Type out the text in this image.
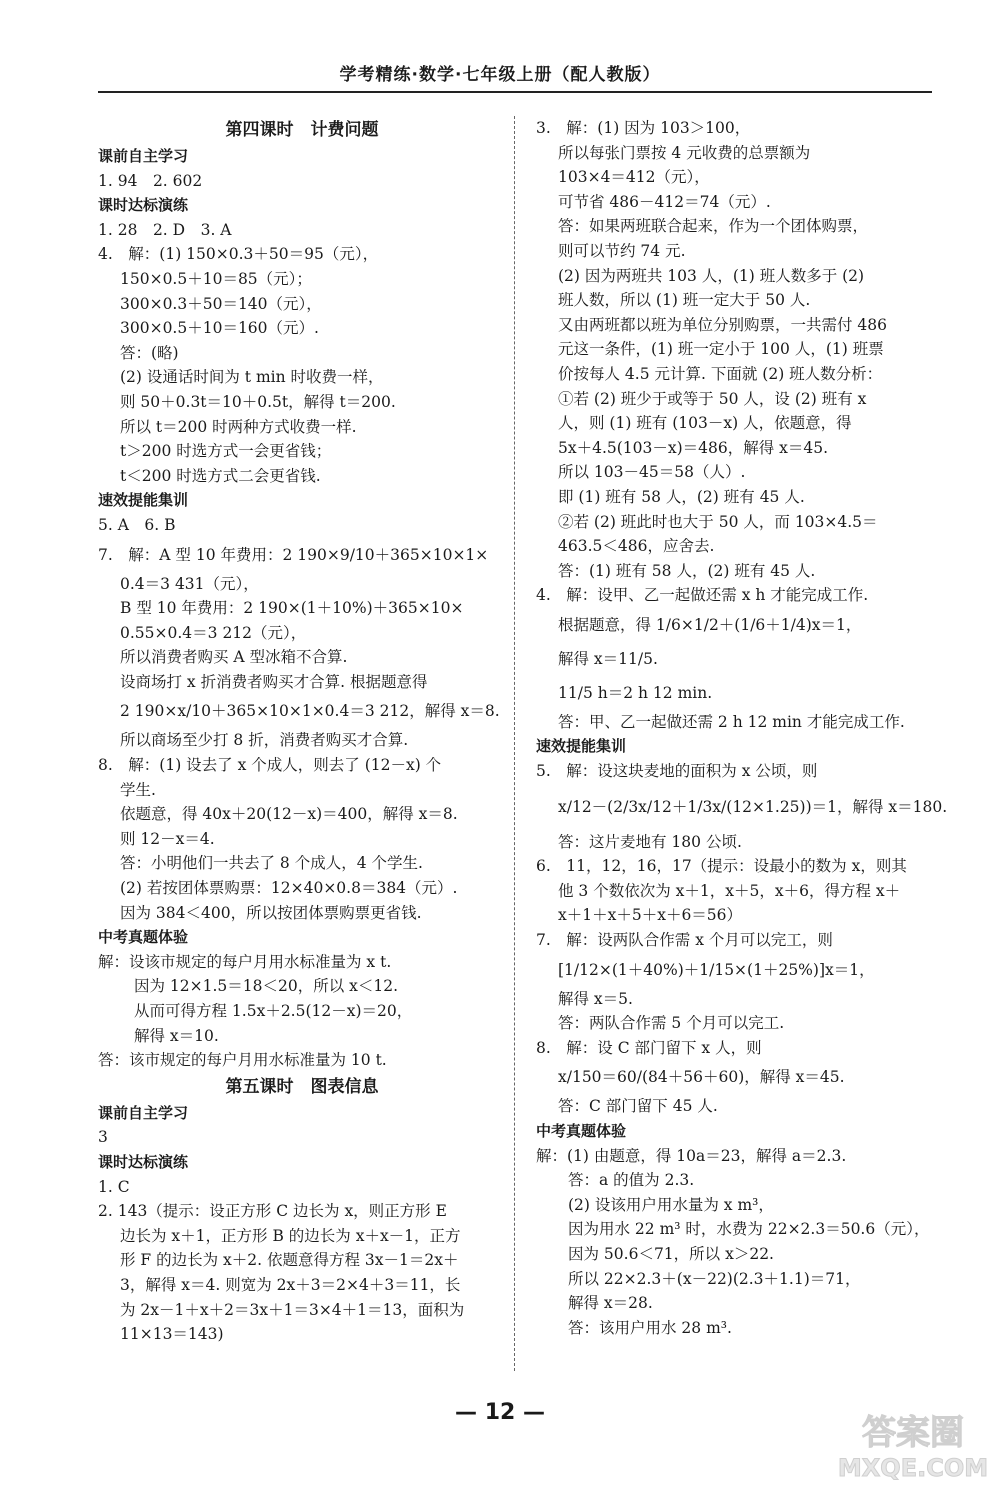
学考精练·数学·七年级上册（配人教版）
第四课时　计费问题
课前自主学习
1. 94　2. 602
课时达标演练
1. 28　2. D　3. A
4.　解：(1) 150×0.3＋50＝95（元），
150×0.5＋10＝85（元）；
300×0.3＋50＝140（元），
300×0.5＋10＝160（元）.
答：(略)
(2) 设通话时间为 t min 时收费一样，
则 50＋0.3t＝10＋0.5t，解得 t＝200.
所以 t＝200 时两种方式收费一样.
t＞200 时选方式一会更省钱；
t＜200 时选方式二会更省钱.
速效提能集训
5. A　6. B
7.　解：A 型 10 年费用：2 190×9/10＋365×10×1×
0.4＝3 431（元），
B 型 10 年费用：2 190×(1＋10%)＋365×10×
0.55×0.4＝3 212（元），
所以消费者购买 A 型冰箱不合算.
设商场打 x 折消费者购买才合算. 根据题意得
2 190×x/10＋365×10×1×0.4＝3 212，解得 x＝8.
所以商场至少打 8 折，消费者购买才合算.
8.　解：(1) 设去了 x 个成人，则去了 (12－x) 个
学生.
依题意，得 40x＋20(12－x)＝400，解得 x＝8.
则 12－x＝4.
答：小明他们一共去了 8 个成人，4 个学生.
(2) 若按团体票购票：12×40×0.8＝384（元）.
因为 384＜400，所以按团体票购票更省钱.
中考真题体验
解：设该市规定的每户月用水标准量为 x t.
因为 12×1.5＝18＜20，所以 x＜12.
从而可得方程 1.5x＋2.5(12－x)＝20，
解得 x＝10.
答：该市规定的每户月用水标准量为 10 t.
第五课时　图表信息
课前自主学习
3
课时达标演练
1. C
2. 143（提示：设正方形 C 边长为 x，则正方形 E
边长为 x＋1，正方形 B 的边长为 x＋x－1，正方
形 F 的边长为 x＋2. 依题意得方程 3x－1＝2x＋
3，解得 x＝4. 则宽为 2x＋3＝2×4＋3＝11，长
为 2x－1＋x＋2＝3x＋1＝3×4＋1＝13，面积为
11×13＝143)
3.　解：(1) 因为 103＞100，
所以每张门票按 4 元收费的总票额为
103×4＝412（元），
可节省 486－412＝74（元）.
答：如果两班联合起来，作为一个团体购票，
则可以节约 74 元.
(2) 因为两班共 103 人，(1) 班人数多于 (2)
班人数，所以 (1) 班一定大于 50 人.
又由两班都以班为单位分别购票，一共需付 486
元这一条件，(1) 班一定小于 100 人，(1) 班票
价按每人 4.5 元计算. 下面就 (2) 班人数分析：
①若 (2) 班少于或等于 50 人，设 (2) 班有 x
人，则 (1) 班有 (103－x) 人，依题意，得
5x＋4.5(103－x)＝486，解得 x＝45.
所以 103－45＝58（人）.
即 (1) 班有 58 人，(2) 班有 45 人.
②若 (2) 班此时也大于 50 人，而 103×4.5＝
463.5＜486，应舍去.
答：(1) 班有 58 人，(2) 班有 45 人.
4.　解：设甲、乙一起做还需 x h 才能完成工作.
根据题意，得 1/6×1/2＋(1/6＋1/4)x＝1，
解得 x＝11/5.
11/5 h＝2 h 12 min.
答：甲、乙一起做还需 2 h 12 min 才能完成工作.
速效提能集训
5.　解：设这块麦地的面积为 x 公顷，则
x/12－(2/3x/12＋1/3x/(12×1.25))＝1，解得 x＝180.
答：这片麦地有 180 公顷.
6.　11，12，16，17（提示：设最小的数为 x，则其
他 3 个数依次为 x＋1，x＋5，x＋6，得方程 x＋
x＋1＋x＋5＋x＋6＝56）
7.　解：设两队合作需 x 个月可以完工，则
[1/12×(1＋40%)＋1/15×(1＋25%)]x＝1，
解得 x＝5.
答：两队合作需 5 个月可以完工.
8.　解：设 C 部门留下 x 人，则
x/150＝60/(84＋56＋60)，解得 x＝45.
答：C 部门留下 45 人.
中考真题体验
解：(1) 由题意，得 10a＝23，解得 a＝2.3.
答：a 的值为 2.3.
(2) 设该用户用水量为 x m³，
因为用水 22 m³ 时，水费为 22×2.3＝50.6（元），
因为 50.6＜71，所以 x＞22.
所以 22×2.3＋(x－22)(2.3＋1.1)＝71，
解得 x＝28.
答：该用户用水 28 m³.
— 12 —
答案圈
MXQE.COM
